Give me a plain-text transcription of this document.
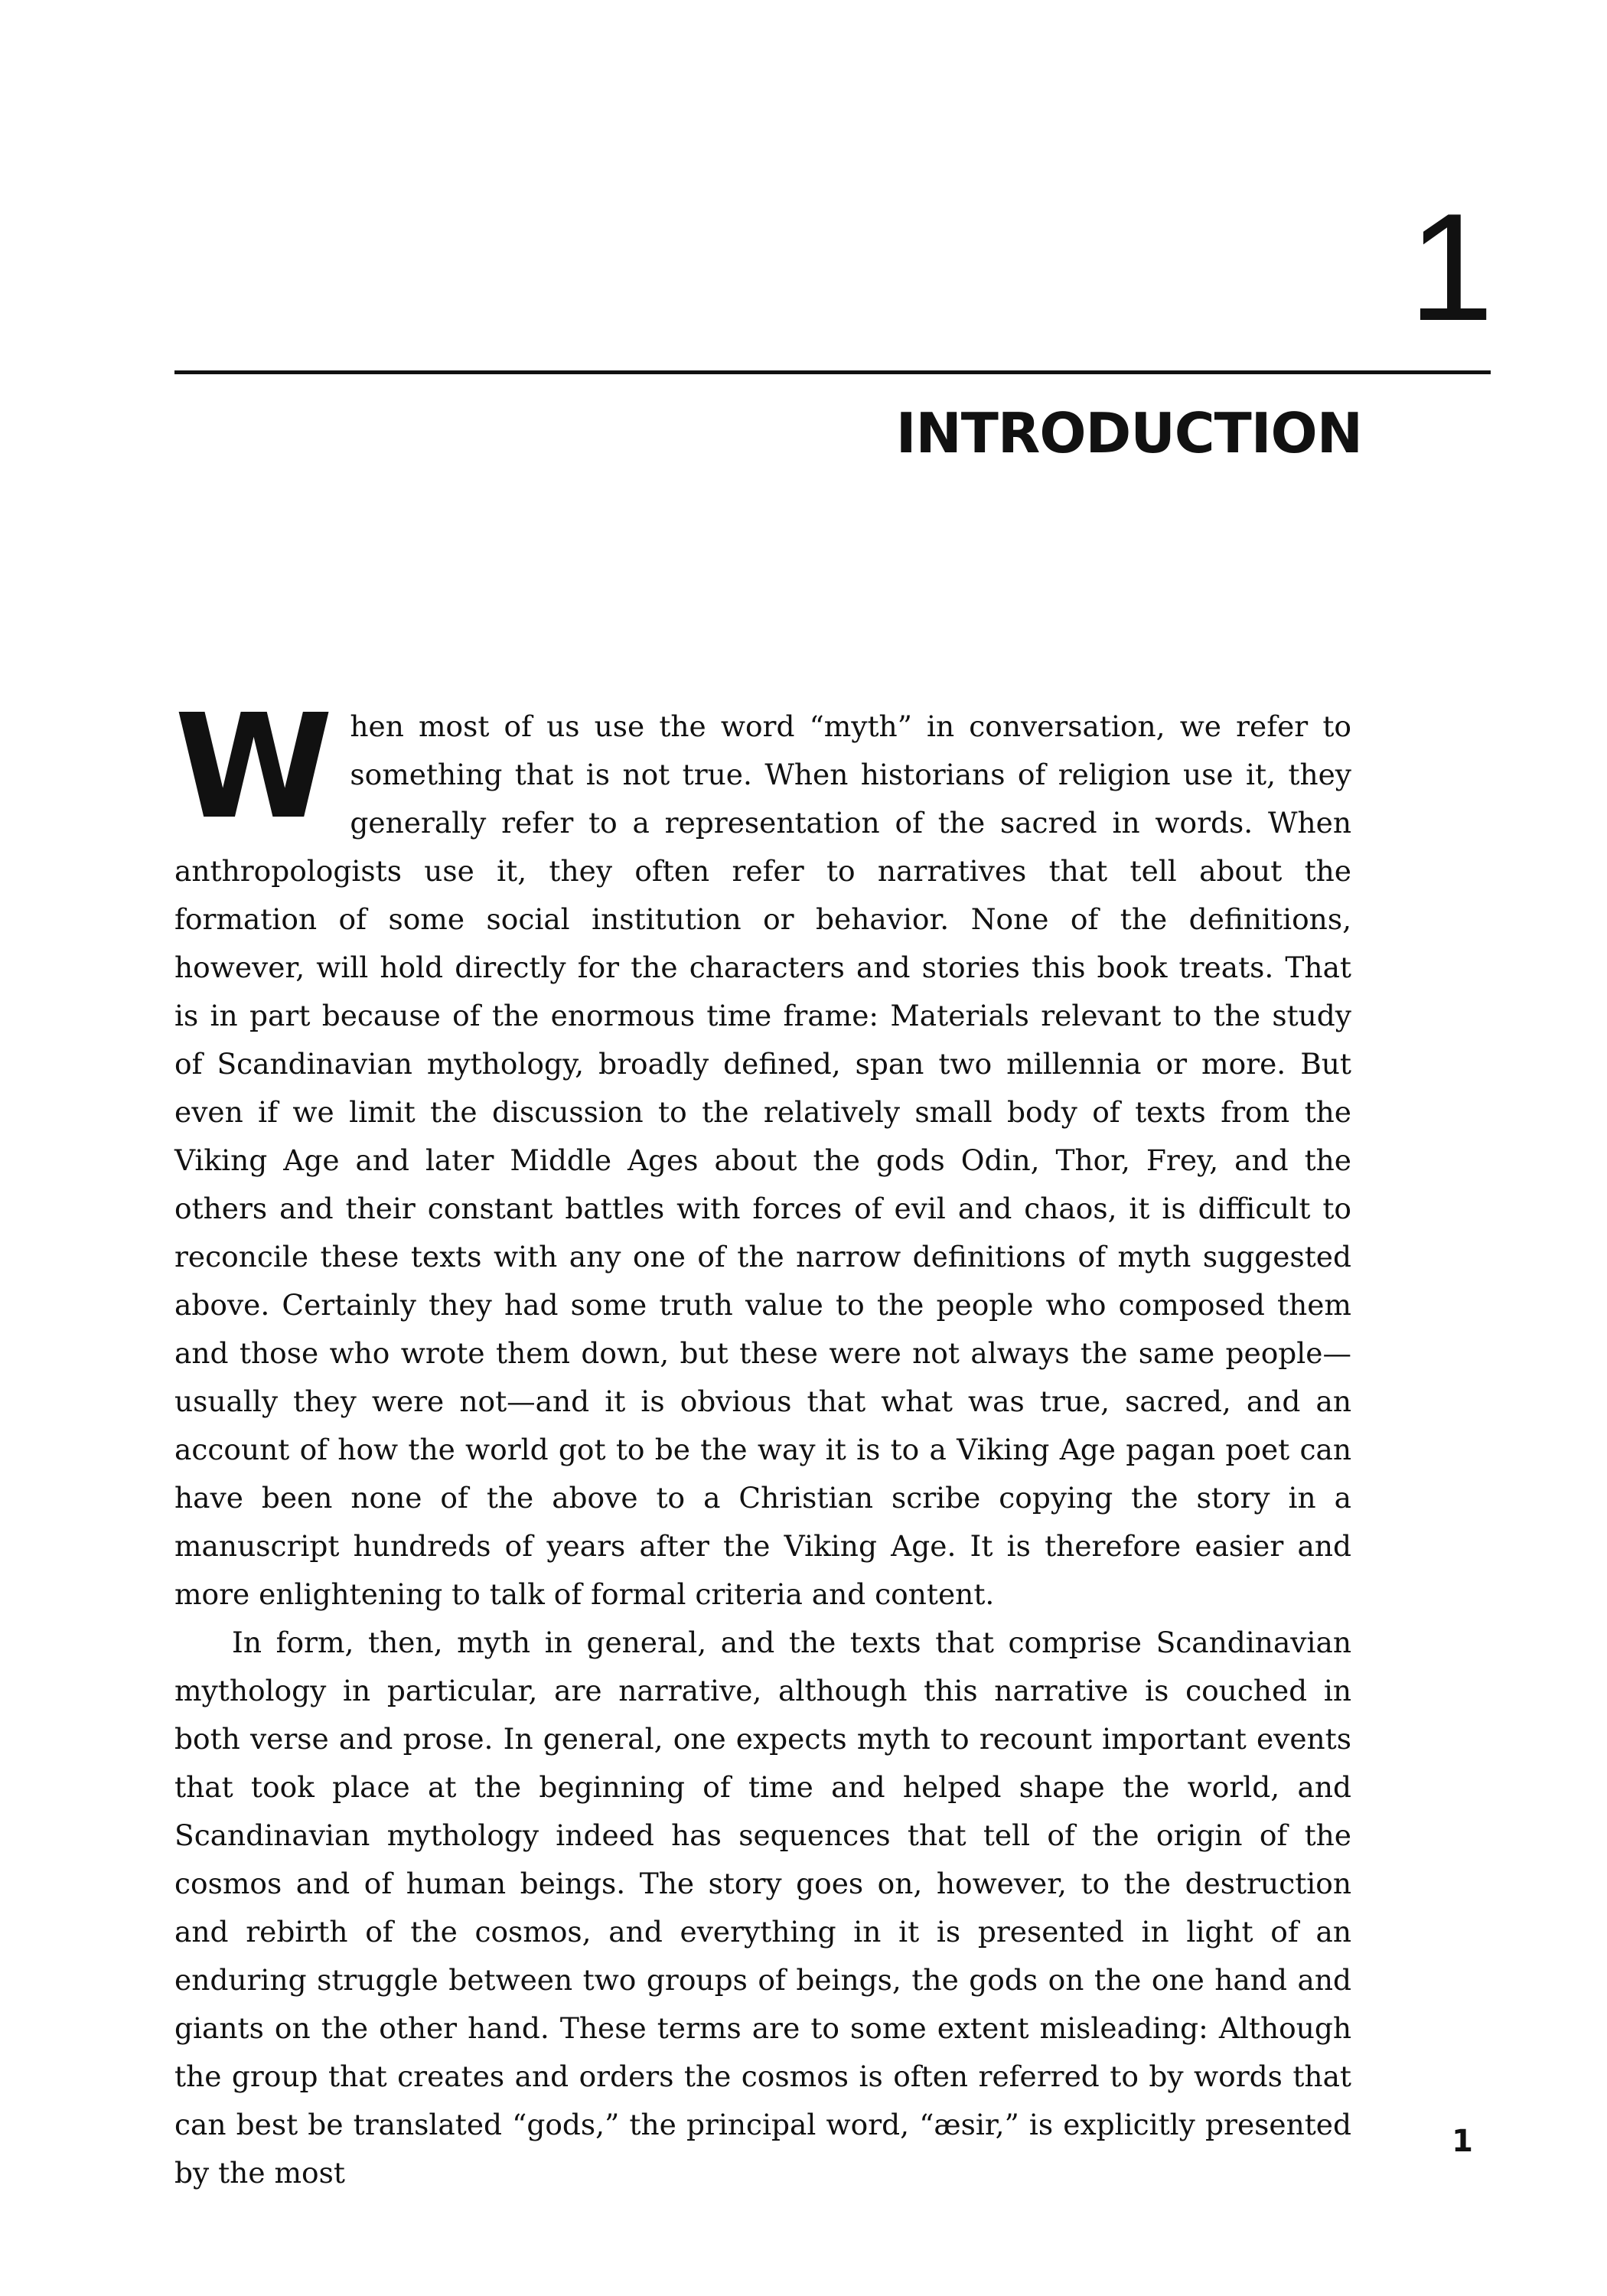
1
INTRODUCTION

When most of us use the word “myth” in conversation, we refer to something that is not true. When historians of religion use it, they generally refer to a representation of the sacred in words. When anthropologists use it, they often refer to narratives that tell about the formation of some social institution or behavior. None of the definitions, however, will hold directly for the characters and stories this book treats. That is in part because of the enormous time frame: Materials relevant to the study of Scandinavian mythology, broadly defined, span two millennia or more. But even if we limit the discussion to the relatively small body of texts from the Viking Age and later Middle Ages about the gods Odin, Thor, Frey, and the others and their constant battles with forces of evil and chaos, it is difficult to reconcile these texts with any one of the narrow definitions of myth suggested above. Certainly they had some truth value to the people who composed them and those who wrote them down, but these were not always the same people—usually they were not—and it is obvious that what was true, sacred, and an account of how the world got to be the way it is to a Viking Age pagan poet can have been none of the above to a Christian scribe copying the story in a manuscript hundreds of years after the Viking Age. It is therefore easier and more enlightening to talk of formal criteria and content.

In form, then, myth in general, and the texts that comprise Scandinavian mythology in particular, are narrative, although this narrative is couched in both verse and prose. In general, one expects myth to recount important events that took place at the beginning of time and helped shape the world, and Scandinavian mythology indeed has sequences that tell of the origin of the cosmos and of human beings. The story goes on, however, to the destruction and rebirth of the cosmos, and everything in it is presented in light of an enduring struggle between two groups of beings, the gods on the one hand and giants on the other hand. These terms are to some extent misleading: Although the group that creates and orders the cosmos is often referred to by words that can best be translated “gods,” the principal word, “æsir,” is explicitly presented by the most

1
